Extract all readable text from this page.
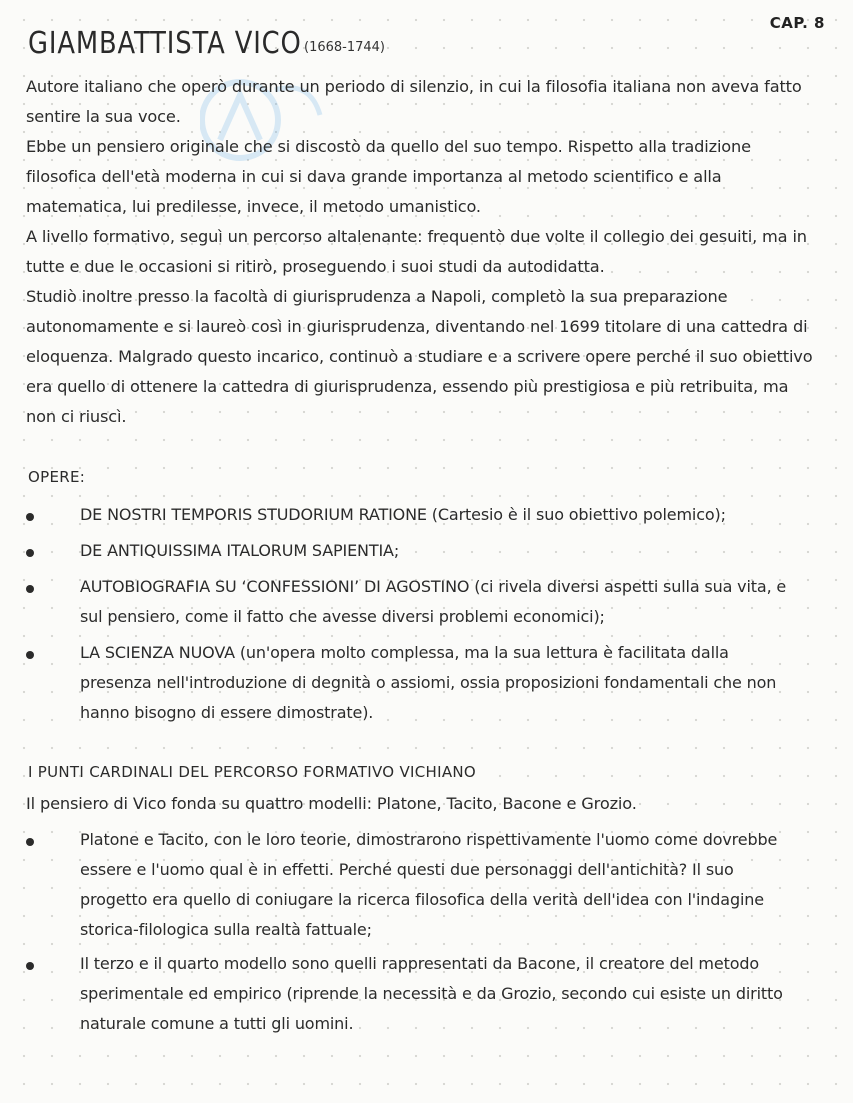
CAP. 8
GIAMBATTISTA VICO (1668-1744)
Autore italiano che operò durante un periodo di silenzio, in cui la filosofia italiana non aveva fatto sentire la sua voce.
Ebbe un pensiero originale che si discostò da quello del suo tempo. Rispetto alla tradizione filosofica dell'età moderna in cui si dava grande importanza al metodo scientifico e alla matematica, lui predilesse, invece, il metodo umanistico.
A livello formativo, seguì un percorso altalenante: frequentò due volte il collegio dei gesuiti, ma in tutte e due le occasioni si ritirò, proseguendo i suoi studi da autodidatta.
Studiò inoltre presso la facoltà di giurisprudenza a Napoli, completò la sua preparazione autonomamente e si laureò così in giurisprudenza, diventando nel 1699 titolare di una cattedra di eloquenza. Malgrado questo incarico, continuò a studiare e a scrivere opere perché il suo obiettivo era quello di ottenere la cattedra di giurisprudenza, essendo più prestigiosa e più retribuita, ma non ci riuscì.
OPERE:
DE NOSTRI TEMPORIS STUDORIUM RATIONE (Cartesio è il suo obiettivo polemico);
DE ANTIQUISSIMA ITALORUM SAPIENTIA;
AUTOBIOGRAFIA SU ‘CONFESSIONI’ DI AGOSTINO (ci rivela diversi aspetti sulla sua vita, e sul pensiero, come il fatto che avesse diversi problemi economici);
LA SCIENZA NUOVA (un'opera molto complessa, ma la sua lettura è facilitata dalla presenza nell'introduzione di degnità o assiomi, ossia proposizioni fondamentali che non hanno bisogno di essere dimostrate).
I PUNTI CARDINALI DEL PERCORSO FORMATIVO VICHIANO
Il pensiero di Vico fonda su quattro modelli: Platone, Tacito, Bacone e Grozio.
Platone e Tacito, con le loro teorie, dimostrarono rispettivamente l'uomo come dovrebbe essere e l'uomo qual è in effetti. Perché questi due personaggi dell'antichità? Il suo progetto era quello di coniugare la ricerca filosofica della verità dell'idea con l'indagine storica-filologica sulla realtà fattuale;
Il terzo e il quarto modello sono quelli rappresentati da Bacone, il creatore del metodo sperimentale ed empirico (riprende la necessità e da Grozio, secondo cui esiste un diritto naturale comune a tutti gli uomini.
